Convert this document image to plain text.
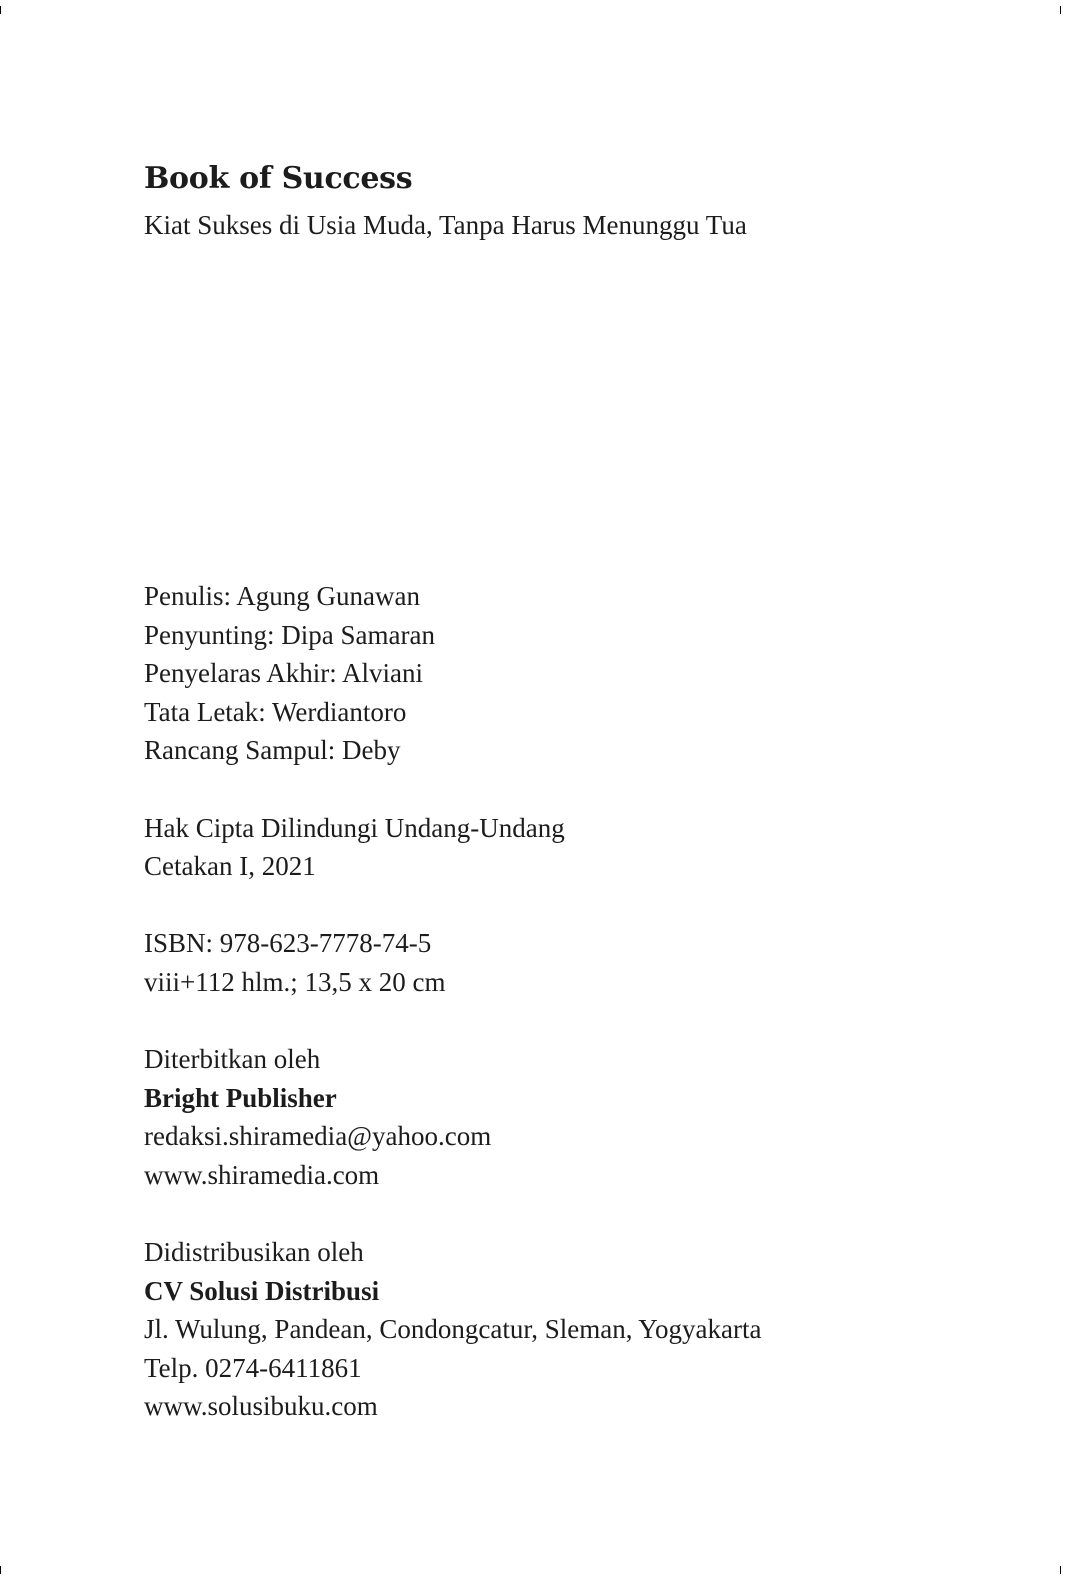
Book of Success

Kiat Sukses di Usia Muda, Tanpa Harus Menunggu Tua

Penulis: Agung Gunawan
Penyunting: Dipa Samaran
Penyelaras Akhir: Alviani
Tata Letak: Werdiantoro
Rancang Sampul: Deby
Hak Cipta Dilindungi Undang-Undang
Cetakan I, 2021
ISBN: 978-623-7778-74-5
viii+112 hlm.; 13,5 x 20 cm
Diterbitkan oleh
Bright Publisher
redaksi.shiramedia@yahoo.com
www.shiramedia.com
Didistribusikan oleh
CV Solusi Distribusi
Jl. Wulung, Pandean, Condongcatur, Sleman, Yogyakarta
Telp. 0274-6411861
www.solusibuku.com
